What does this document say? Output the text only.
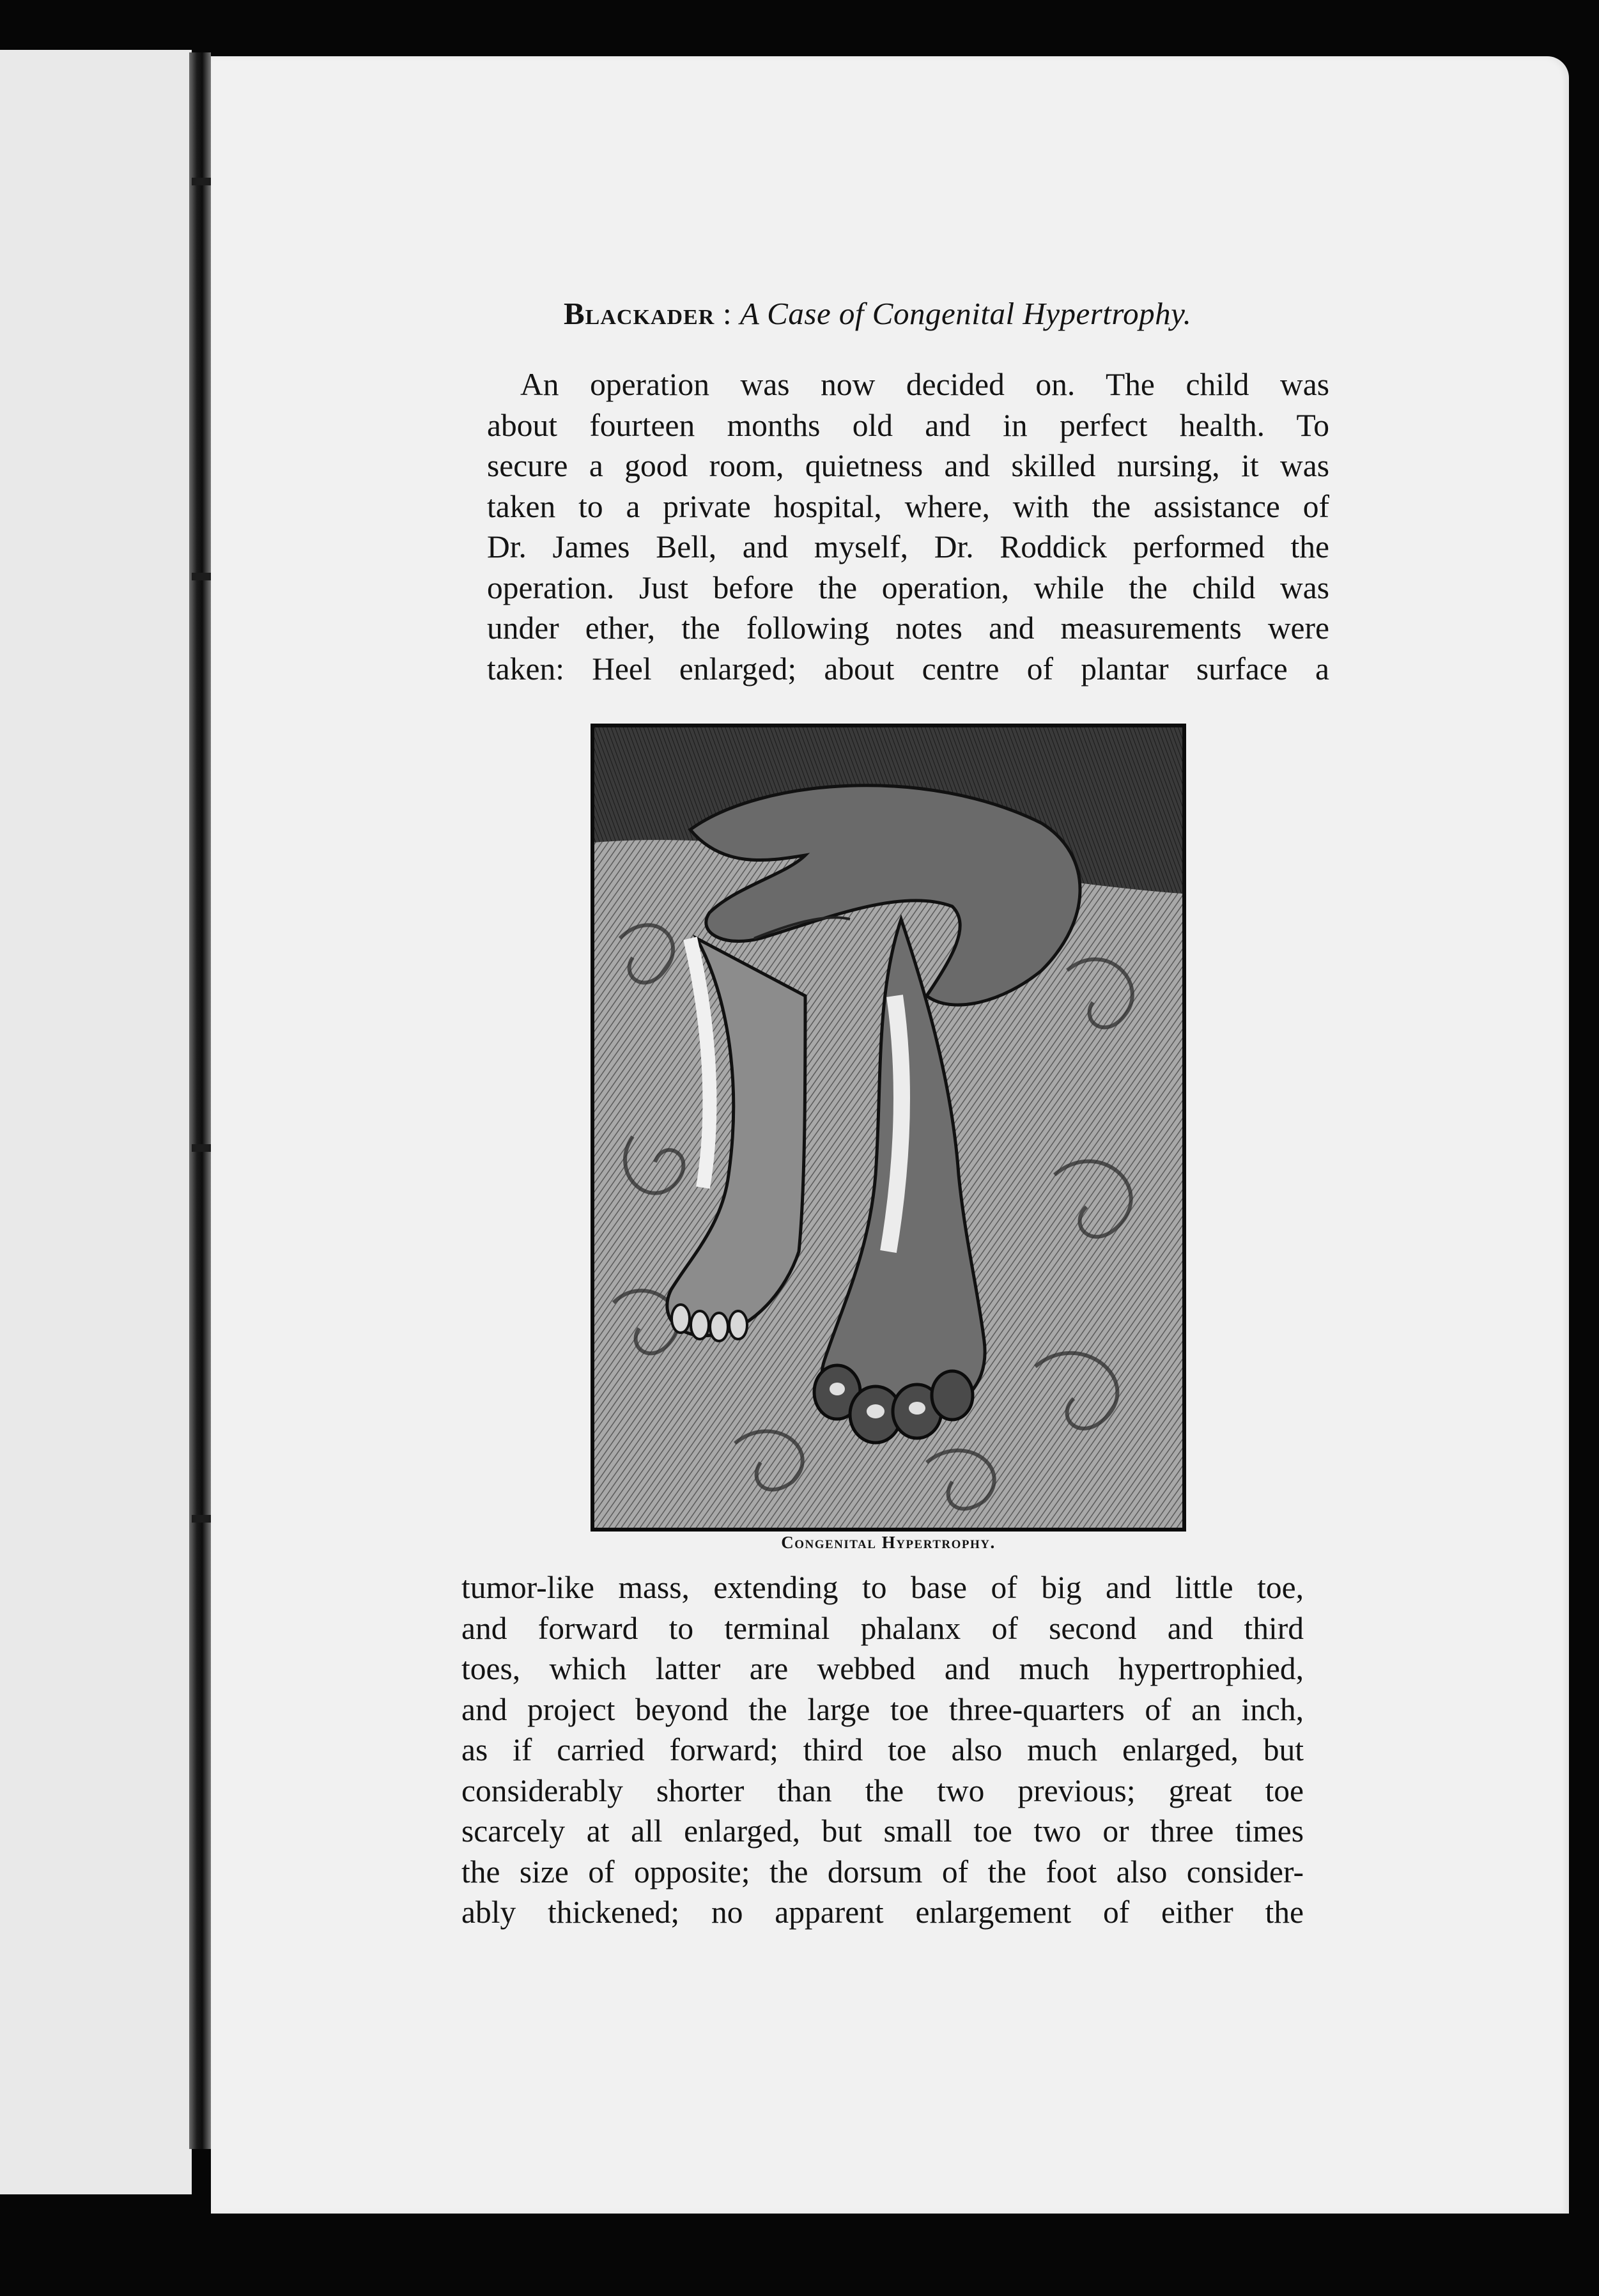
Blackader : A Case of Congenital Hypertrophy.

An operation was now decided on. The child was
about fourteen months old and in perfect health. To
secure a good room, quietness and skilled nursing, it was
taken to a private hospital, where, with the assistance of
Dr. James Bell, and myself, Dr. Roddick performed the
operation. Just before the operation, while the child was
under ether, the following notes and measurements were
taken: Heel enlarged; about centre of plantar surface a

Congenital Hypertrophy.

tumor-like mass, extending to base of big and little toe,
and forward to terminal phalanx of second and third
toes, which latter are webbed and much hypertrophied,
and project beyond the large toe three-quarters of an inch,
as if carried forward; third toe also much enlarged, but
considerably shorter than the two previous; great toe
scarcely at all enlarged, but small toe two or three times
the size of opposite; the dorsum of the foot also consider-
ably thickened; no apparent enlargement of either the
